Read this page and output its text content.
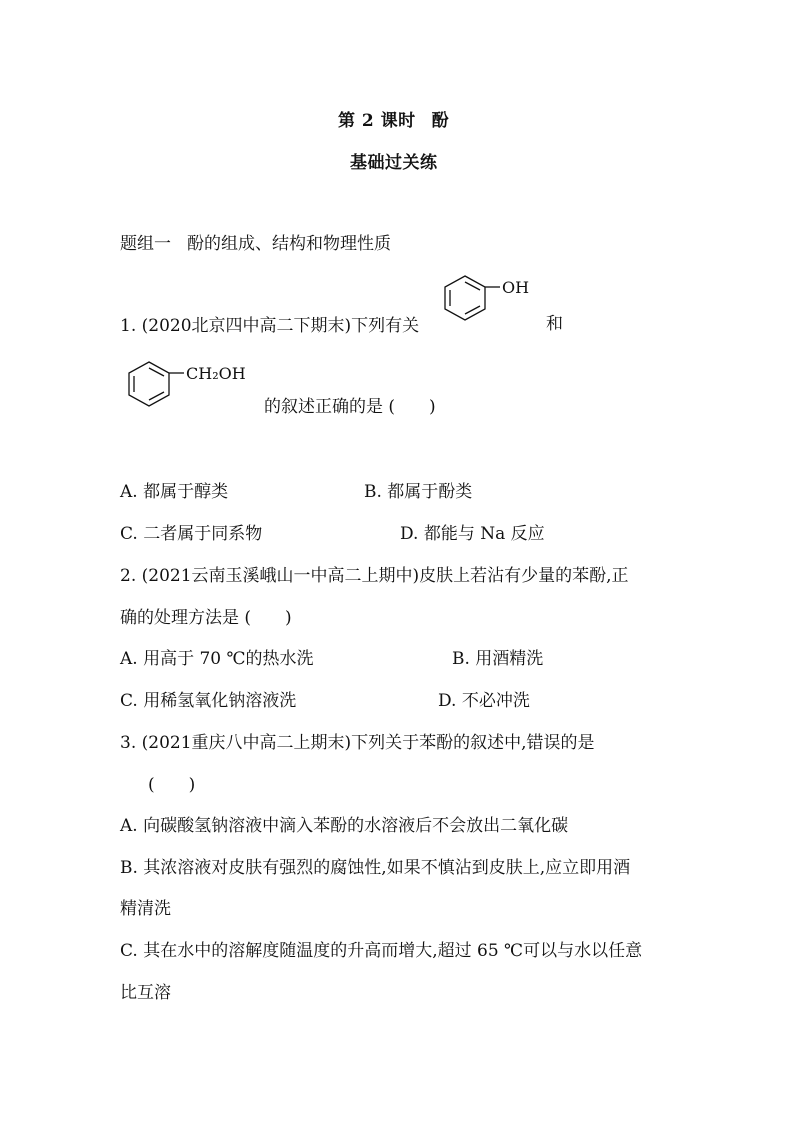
第 2 课时 酚
基础过关练
题组一 酚的组成、结构和物理性质
1. (2020北京四中高二下期末)下列有关
OH
和
CH₂OH
的叙述正确的是 (　　)
A. 都属于醇类	B. 都属于酚类
C. 二者属于同系物	D. 都能与 Na 反应
2. (2021云南玉溪峨山一中高二上期中)皮肤上若沾有少量的苯酚,正
确的处理方法是 (　　)
A. 用高于 70 ℃的热水洗	B. 用酒精洗
C. 用稀氢氧化钠溶液洗	D. 不必冲洗
3. (2021重庆八中高二上期末)下列关于苯酚的叙述中,错误的是
(　　)
A. 向碳酸氢钠溶液中滴入苯酚的水溶液后不会放出二氧化碳
B. 其浓溶液对皮肤有强烈的腐蚀性,如果不慎沾到皮肤上,应立即用酒
精清洗
C. 其在水中的溶解度随温度的升高而增大,超过 65 ℃可以与水以任意
比互溶
